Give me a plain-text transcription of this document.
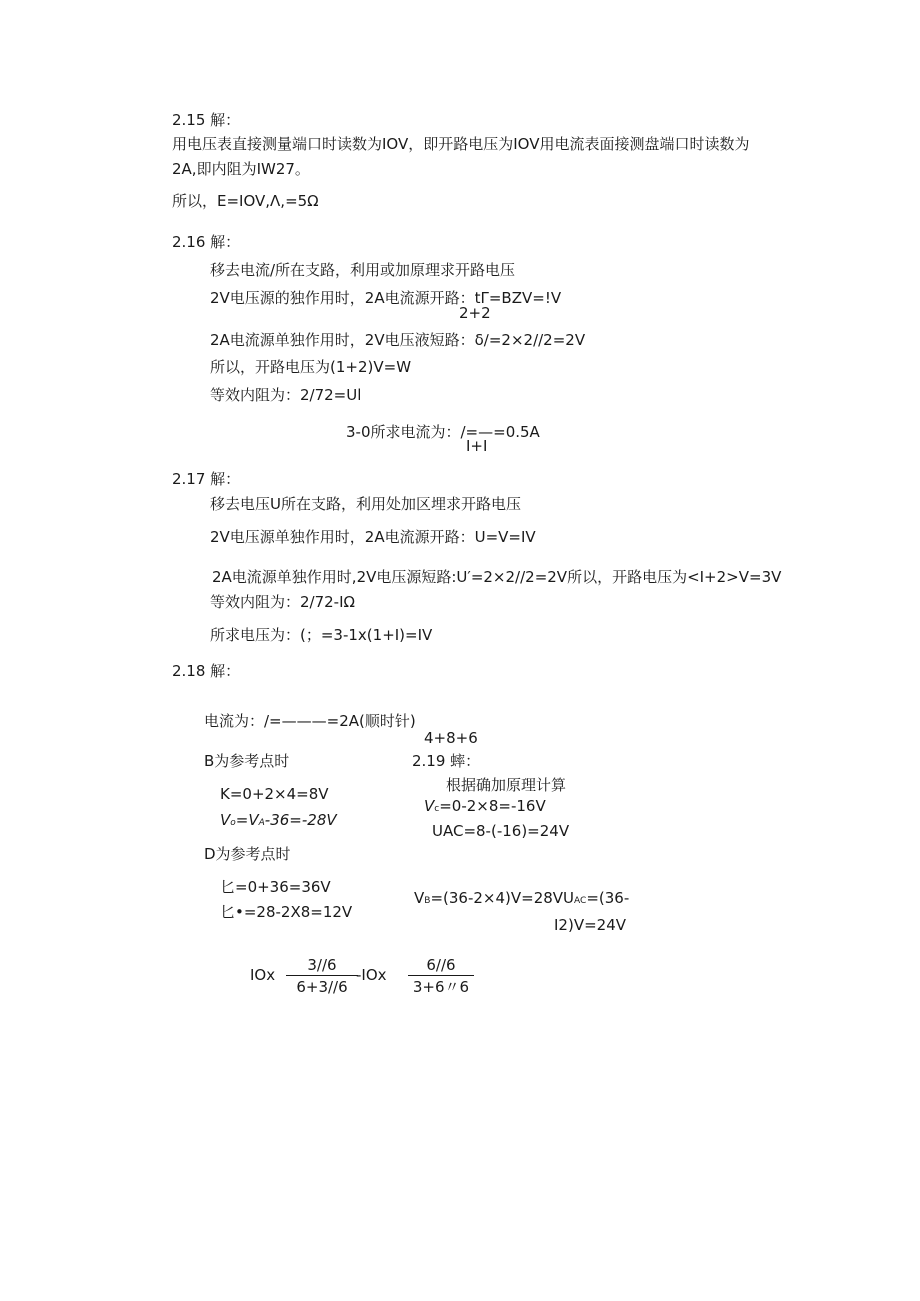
2.15 解：
用电压表直接测量端口时读数为IOV，即开路电压为IOV用电流表面接测盘端口时读数为
2A,即内阻为IW27。
所以，E=IOV,Λ,=5Ω
2.16 解：
移去电流/所在支路，利用或加原理求开路电压
2V电压源的独作用时，2A电流源开路：tΓ=BZV=!V
2+2
2A电流源单独作用时，2V电压液短路：δ∕=2×2//2=2V
所以，开路电压为(1+2)V=W
等效内阻为：2/72=Ul
3-0所求电流为：/=—=0.5A
I+I
2.17 解：
移去电压U所在支路，利用处加区埋求开路电压
2V电压源单独作用时，2A电流源开路：U=V=IV
2A电流源单独作用时,2V电压源短路:U′=2×2//2=2V所以，开路电压为<I+2>V=3V
等效内阻为：2/72-IΩ
所求电压为：(；=3-1x(1+I)=IV
2.18 解：
电流为：/=———=2A(顺时针)
4+8+6
B为参考点时
K=0+2×4=8V
Vo=VA-36=-28V
D为参考点时
匕=0+36=36V
匕•=28-2X8=12V
2.19 蟀：
根据确加原理计算
Vc=0-2×8=-16V
UAC=8-(-16)=24V
VB=(36-2×4)V=28VUAC=(36-
I2)V=24V
IOx $\frac{3//6}{6+3//6}$
$-IOx \frac{6//6}{3+6〃6}$
